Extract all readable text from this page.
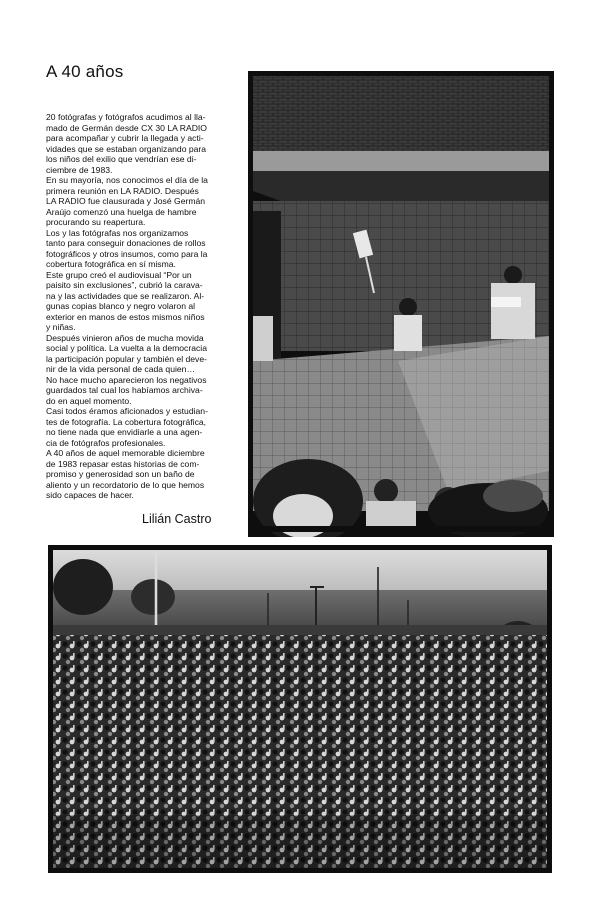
A 40 años

20 fotógrafas y fotógrafos acudimos al lla-
mado de Germán desde CX 30 LA RADIO
para acompañar y cubrir la llegada y acti-
vidades que se estaban organizando para
los niños del exilio que vendrían ese di-
ciembre de 1983.

En su mayoría, nos conocimos el día de la
primera reunión en LA RADIO. Después
LA RADIO fue clausurada y José Germán
Araújo comenzó una huelga de hambre
procurando su reapertura.

Los y las fotógrafas nos organizamos
tanto para conseguir donaciones de rollos
fotográficos y otros insumos, como para la
cobertura fotográfica en sí misma.

Este grupo creó el audiovisual “Por un
paisito sin exclusiones”, cubrió la carava-
na y las actividades que se realizaron. Al-
gunas copias blanco y negro volaron al
exterior en manos de estos mismos niños
y niñas.

Después vinieron años de mucha movida
social y política. La vuelta a la democracia
la participación popular y también el deve-
nir de la vida personal de cada quien…

No hace mucho aparecieron los negativos
guardados tal cual los habíamos archiva-
do en aquel momento.

Casi todos éramos aficionados y estudian-
tes de fotografía. La cobertura fotográfica,
no tiene nada que envidiarle a una agen-
cia de fotógrafos profesionales.

A 40 años de aquel memorable diciembre
de 1983 repasar estas historias de com-
promiso y generosidad son un baño de
aliento y un recordatorio de lo que hemos
sido capaces de hacer.

Lilián Castro
